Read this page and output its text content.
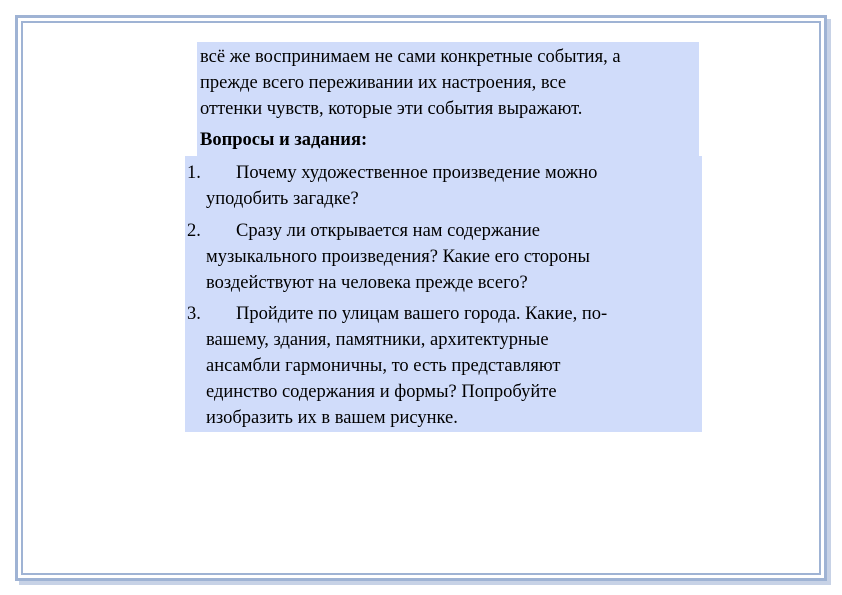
всё же воспринимаем не сами конкретные события, а

прежде всего переживании их настроения, все

оттенки чувств, которые эти события выражают.

Вопросы и задания:

1. Почему художественное произведение можно

уподобить загадке?

2. Сразу ли открывается нам содержание

музыкального произведения? Какие его стороны

воздействуют на человека прежде всего?

3. Пройдите по улицам вашего города. Какие, по-

вашему, здания, памятники, архитектурные

ансамбли гармоничны, то есть представляют

единство содержания и формы? Попробуйте

изобразить их в вашем рисунке.
